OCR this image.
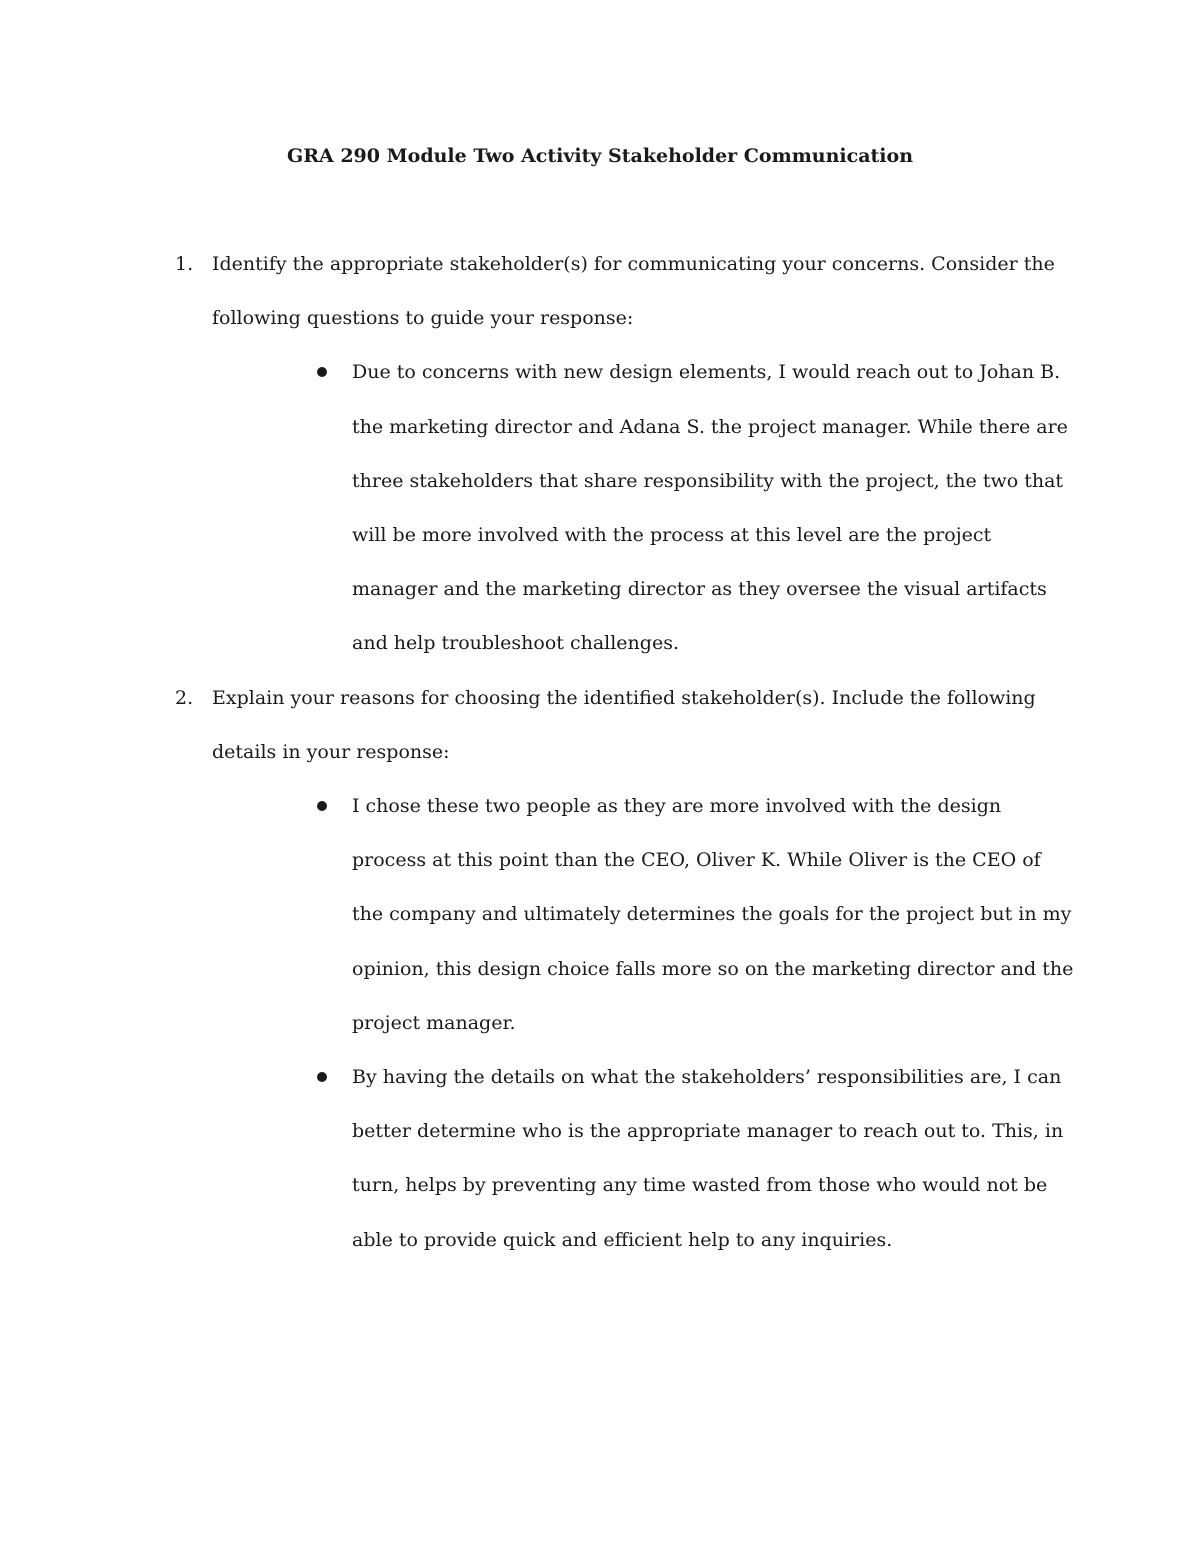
GRA 290 Module Two Activity Stakeholder Communication
1. Identify the appropriate stakeholder(s) for communicating your concerns. Consider the following questions to guide your response:
Due to concerns with new design elements, I would reach out to Johan B. the marketing director and Adana S. the project manager. While there are three stakeholders that share responsibility with the project, the two that will be more involved with the process at this level are the project manager and the marketing director as they oversee the visual artifacts and help troubleshoot challenges.
2. Explain your reasons for choosing the identified stakeholder(s). Include the following details in your response:
I chose these two people as they are more involved with the design process at this point than the CEO, Oliver K. While Oliver is the CEO of the company and ultimately determines the goals for the project but in my opinion, this design choice falls more so on the marketing director and the project manager.
By having the details on what the stakeholders’ responsibilities are, I can better determine who is the appropriate manager to reach out to. This, in turn, helps by preventing any time wasted from those who would not be able to provide quick and efficient help to any inquiries.
